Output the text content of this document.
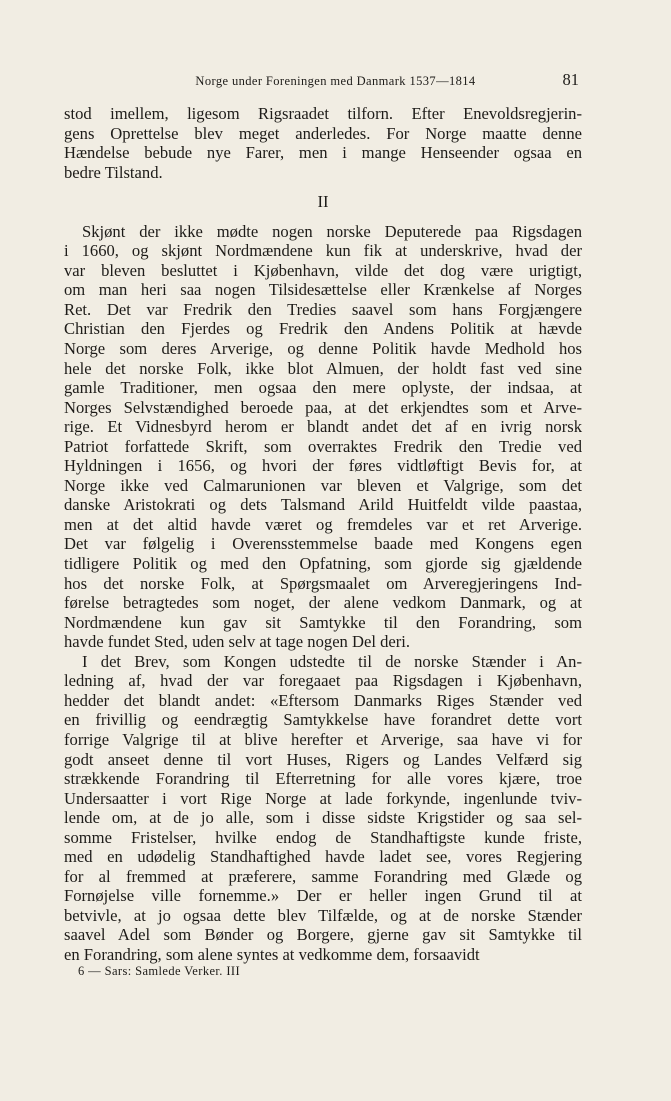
Norge under Foreningen med Danmark 1537—1814	81
stod imellem, ligesom Rigsraadet tilforn. Efter Enevoldsregjerin-
gens Oprettelse blev meget anderledes. For Norge maatte denne
Hændelse bebude nye Farer, men i mange Henseender ogsaa en
bedre Tilstand.
II
Skjønt der ikke mødte nogen norske Deputerede paa Rigsdagen
i 1660, og skjønt Nordmændene kun fik at underskrive, hvad der
var bleven besluttet i Kjøbenhavn, vilde det dog være urigtigt,
om man heri saa nogen Tilsidesættelse eller Krænkelse af Norges
Ret. Det var Fredrik den Tredies saavel som hans Forgjængere
Christian den Fjerdes og Fredrik den Andens Politik at hævde
Norge som deres Arverige, og denne Politik havde Medhold hos
hele det norske Folk, ikke blot Almuen, der holdt fast ved sine
gamle Traditioner, men ogsaa den mere oplyste, der indsaa, at
Norges Selvstændighed beroede paa, at det erkjendtes som et Arve-
rige. Et Vidnesbyrd herom er blandt andet det af en ivrig norsk
Patriot forfattede Skrift, som overraktes Fredrik den Tredie ved
Hyldningen i 1656, og hvori der føres vidtløftigt Bevis for, at
Norge ikke ved Calmarunionen var bleven et Valgrige, som det
danske Aristokrati og dets Talsmand Arild Huitfeldt vilde paastaa,
men at det altid havde været og fremdeles var et ret Arverige.
Det var følgelig i Overensstemmelse baade med Kongens egen
tidligere Politik og med den Opfatning, som gjorde sig gjældende
hos det norske Folk, at Spørgsmaalet om Arveregjeringens Ind-
førelse betragtedes som noget, der alene vedkom Danmark, og at
Nordmændene kun gav sit Samtykke til den Forandring, som
havde fundet Sted, uden selv at tage nogen Del deri.
I det Brev, som Kongen udstedte til de norske Stænder i An-
ledning af, hvad der var foregaaet paa Rigsdagen i Kjøbenhavn,
hedder det blandt andet: «Eftersom Danmarks Riges Stænder ved
en frivillig og eendrægtig Samtykkelse have forandret dette vort
forrige Valgrige til at blive herefter et Arverige, saa have vi for
godt anseet denne til vort Huses, Rigers og Landes Velfærd sig
strækkende Forandring til Efterretning for alle vores kjære, troe
Undersaatter i vort Rige Norge at lade forkynde, ingenlunde tviv-
lende om, at de jo alle, som i disse sidste Krigstider og saa sel-
somme Fristelser, hvilke endog de Standhaftigste kunde friste,
med en udødelig Standhaftighed havde ladet see, vores Regjering
for al fremmed at præferere, samme Forandring med Glæde og
Fornøjelse ville fornemme.» Der er heller ingen Grund til at
betvivle, at jo ogsaa dette blev Tilfælde, og at de norske Stænder
saavel Adel som Bønder og Borgere, gjerne gav sit Samtykke til
en Forandring, som alene syntes at vedkomme dem, forsaavidt
6 — Sars: Samlede Verker. III
